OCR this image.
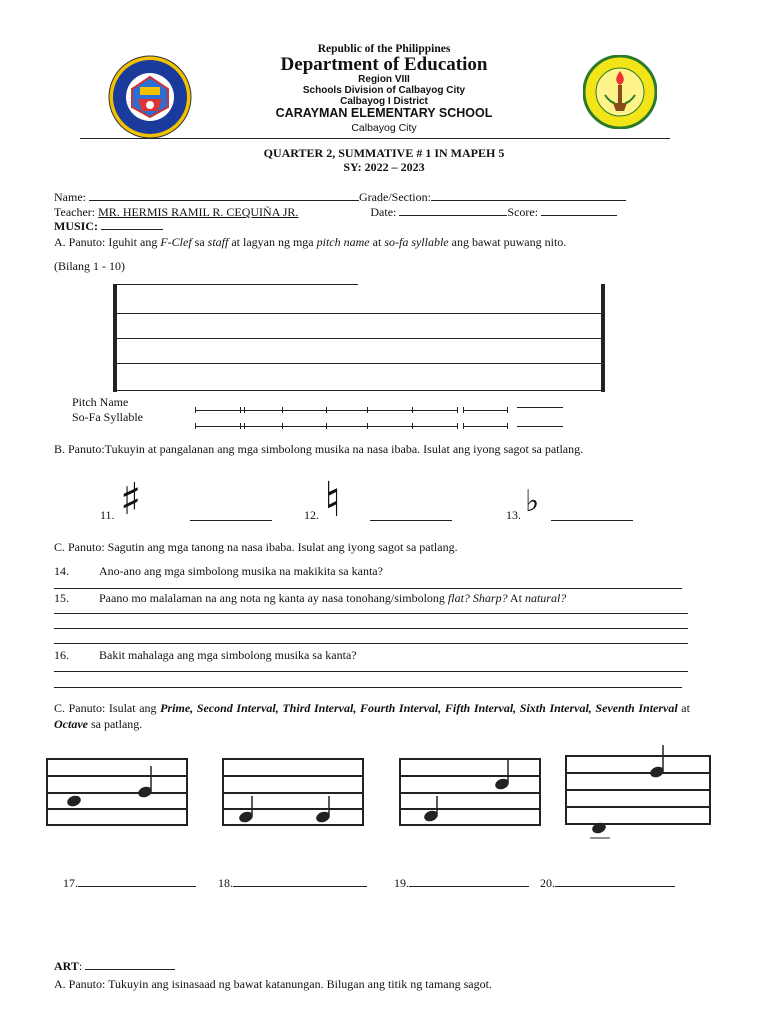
Republic of the Philippines
Department of Education
Region VIII
Schools Division of Calbayog City
Calbayog I District
CARAYMAN ELEMENTARY SCHOOL
Calbayog City
QUARTER 2, SUMMATIVE # 1 IN MAPEH 5
SY: 2022 – 2023
Name:	Grade/Section:
Teacher: MR. HERMIS RAMIL R. CEQUIÑA JR.	Date:	Score:
MUSIC:
A. Panuto: Iguhit ang F-Clef sa staff at lagyan ng mga pitch name at so-fa syllable ang bawat puwang nito.
(Bilang 1 - 10)
Pitch Name
So-Fa Syllable
B. Panuto:Tukuyin at pangalanan ang mga simbolong musika na nasa ibaba. Isulat ang iyong sagot sa patlang.
11. ♯	12. ♮	13. ♭
C. Panuto: Sagutin ang mga tanong na nasa ibaba. Isulat ang iyong sagot sa patlang.
14.	Ano-ano ang mga simbolong musika na makikita sa kanta?
15.	Paano mo malalaman na ang nota ng kanta ay nasa tonohang/simbolong flat? Sharp? At natural?
16.	Bakit mahalaga ang mga simbolong musika sa kanta?
C. Panuto: Isulat ang Prime, Second Interval, Third Interval, Fourth Interval, Fifth Interval, Sixth Interval, Seventh Interval at Octave sa patlang.
17.	18.	19.	20.
ART:
A. Panuto: Tukuyin ang isinasaad ng bawat katanungan. Bilugan ang titik ng tamang sagot.
